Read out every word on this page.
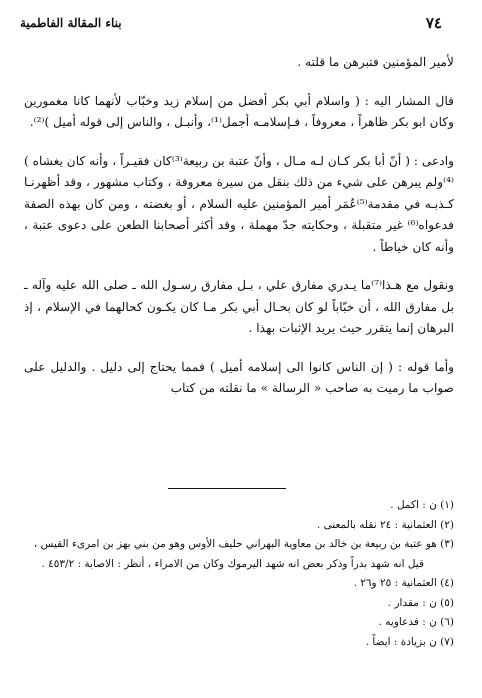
٧٤
بناء المقالة الفاطمية

لأمير المؤمنين فتبرهن ما قلته .

قال المشار اليه : ( واسلام أبي بكر أفضل من إسلام زيد وخبّاب لأنهما كانا مغمورين وكان ابو بكر ظاهراً ، معروفاً ، فـإسلامـه أجمل⁽¹⁾، وأنبـل ، والناس إلى قوله أميل )⁽²⁾.

وادعى : ( أنّ أبا بكر كـان لـه مـال ، وأنّ عتبة بن ربيعة⁽³⁾كان فقيـراً ، وأنه كان يغشاه )⁽⁴⁾ولم يبرهن على شيء من ذلك بنقل من سيرة معروفة ، وكتاب مشهور ، وقد أظهرنـا كـذبـه في مقدمة⁽⁵⁾عُمَر أمير المؤمنين عليه السلام ، أو بغضته ، ومن كان بهذه الصفة فدعواه⁽⁶⁾ غير متقبلة ، وحكايته جدّ مهملة ، وقد أكثر أصحابنا الطعن على دعوى عتبة ، وأنه كان خياطاً .

ونقول مع هـذا⁽⁷⁾ما يـدري مفارق علي ، بـل مفارق رسـول الله ـ صلى الله عليه وآله ـ بل مفارق الله ، أن خبّاباً لو كان بحـال أبي بكر مـا كان يكـون كحالهما في الإسلام ، إذ البرهان إنما يتقرر حيث يريد الإثبات بهذا .

وأما قوله : ( إن الناس كانوا الى إسلامه أميل ) فمما يحتاج إلى دليل . والدليل على صواب ما رميت به صاحب « الرسالة » ما نقلته من كتاب

(١) ن : اكمل .
(٢) العثمانية : ٢٤ نقله بالمعنى .
(٣) هو عتبة بن ربيعة بن خالد بن معاوية البهراني حليف الأوس وهو من بني بهز بن امرىء القيس ،
قيل انه شهد بدراً وذكر بعض انه شهد اليرموك وكان من الامراء ، أنظر : الاصابة : ٤٥٣/٢ .
(٤) العثمانية : ٢٥ و٢٦ .
(٥) ن : مقدار .
(٦) ن : فدعاويه .
(٧) ن بزيادة : ايضاً .
